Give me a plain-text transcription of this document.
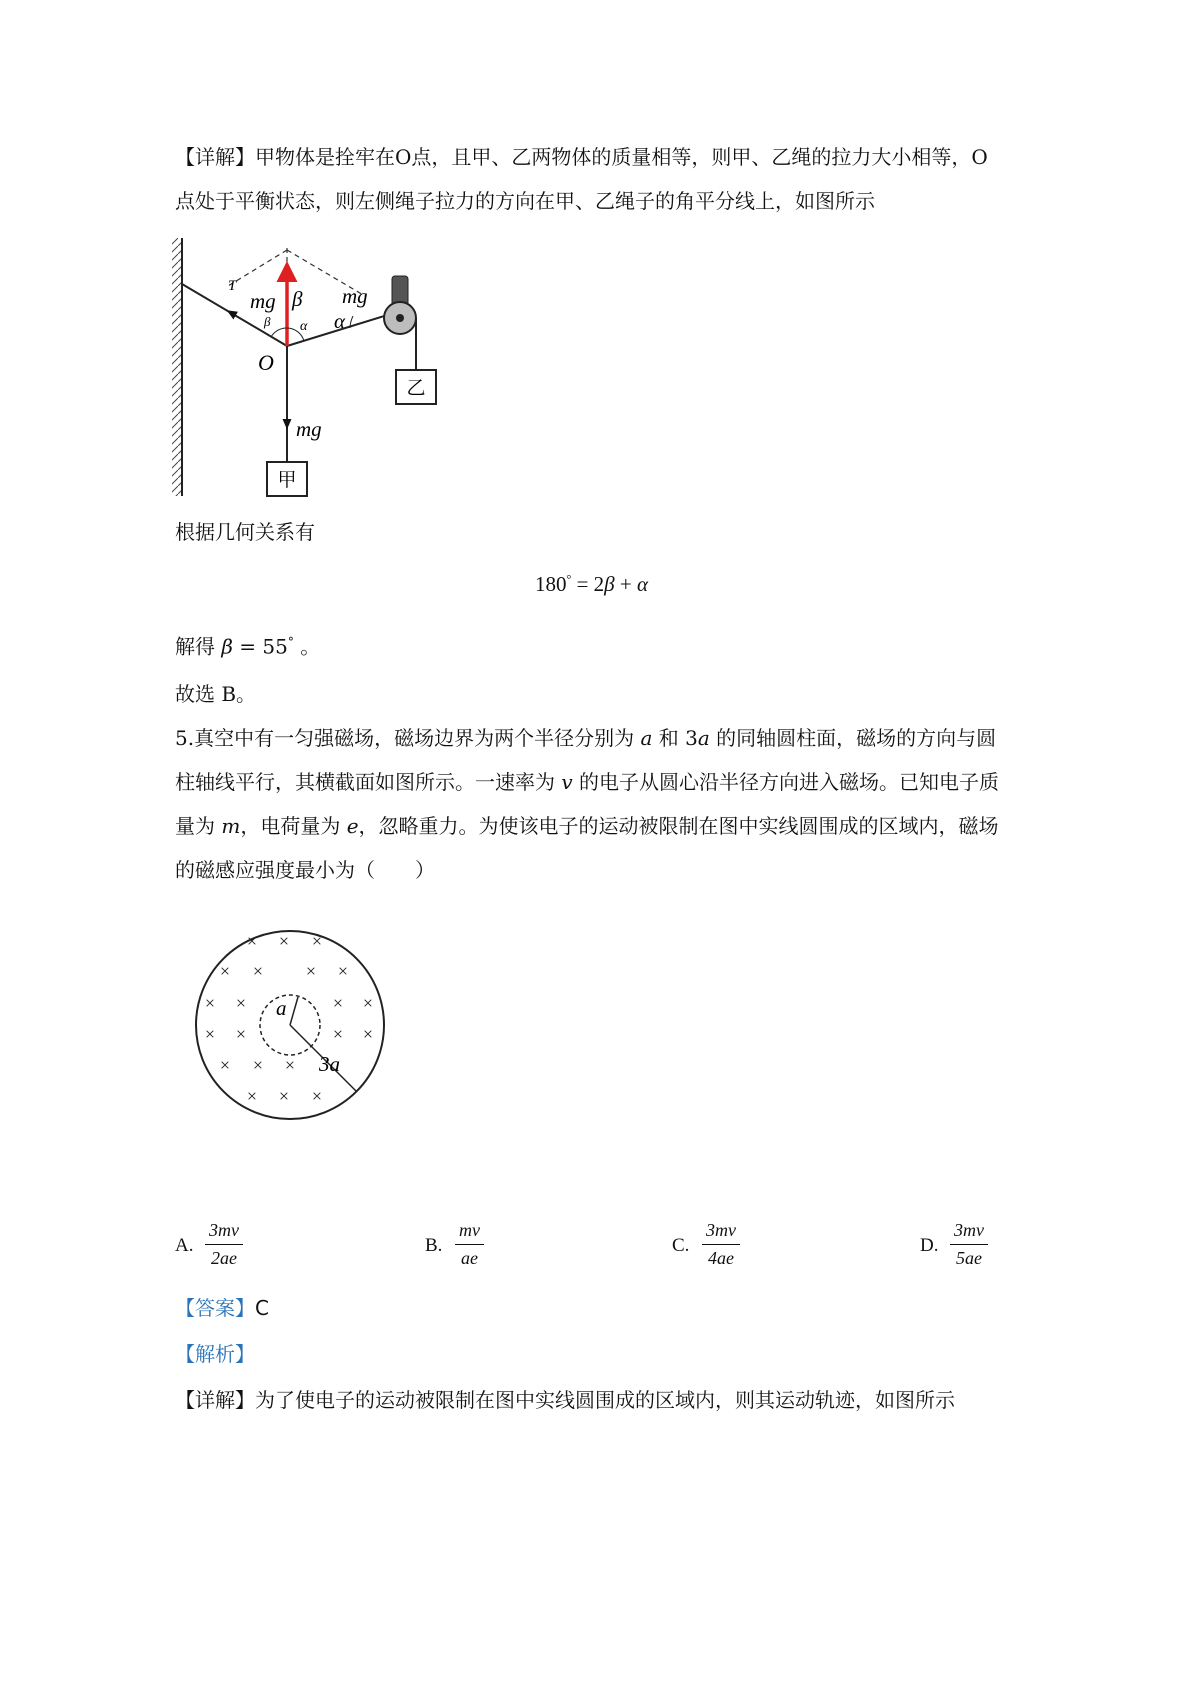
【详解】甲物体是拴牢在O点，且甲、乙两物体的质量相等，则甲、乙绳的拉力大小相等，O
点处于平衡状态，则左侧绳子拉力的方向在甲、乙绳子的角平分线上，如图所示
甲
乙
T
mg β mg
β α α
O
mg
根据几何关系有
180° = 2β + α
解得 β = 55° 。
故选 B。
5.真空中有一匀强磁场，磁场边界为两个半径分别为 a 和 3a 的同轴圆柱面，磁场的方向与圆
柱轴线平行，其横截面如图所示。一速率为 v 的电子从圆心沿半径方向进入磁场。已知电子质
量为 m，电荷量为 e，忽略重力。为使该电子的运动被限制在图中实线圆围成的区域内，磁场
的磁感应强度最小为（　　）
a
3a
× × ×
× × × ×
× ×	× ×
× ×	× ×
× × ×
× × ×
A. $\frac{3mv}{2ae}$	B. $\frac{mv}{ae}$	C. $\frac{3mv}{4ae}$	D. $\frac{3mv}{5ae}$
【答案】C
【解析】
【详解】为了使电子的运动被限制在图中实线圆围成的区域内，则其运动轨迹，如图所示
